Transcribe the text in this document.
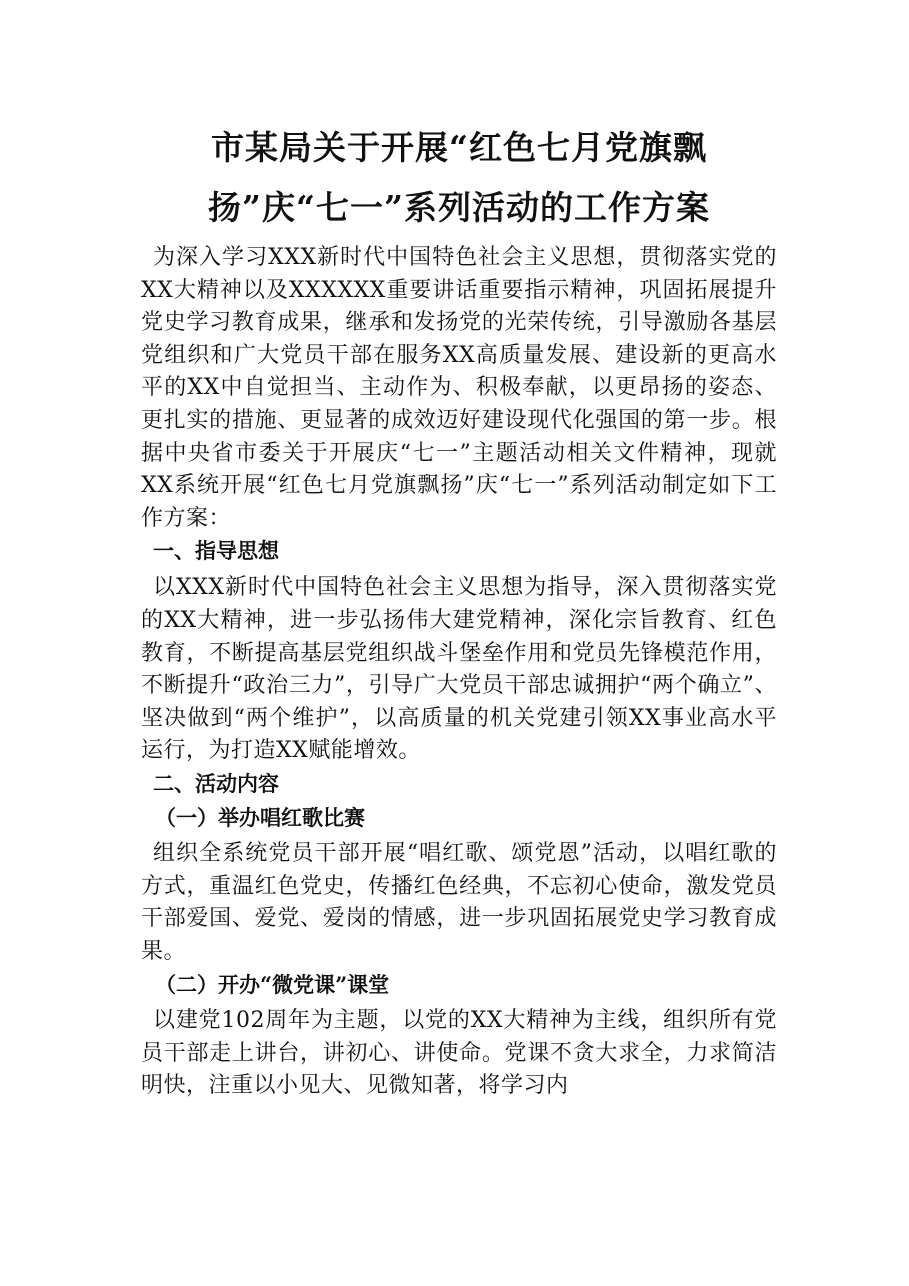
市某局关于开展“红色七月党旗飘
扬”庆“七一”系列活动的工作方案

为深入学习XXX新时代中国特色社会主义思想，贯彻落实党的XX大精神以及XXXXXX重要讲话重要指示精神，巩固拓展提升党史学习教育成果，继承和发扬党的光荣传统，引导激励各基层党组织和广大党员干部在服务XX高质量发展、建设新的更高水平的XX中自觉担当、主动作为、积极奉献，以更昂扬的姿态、更扎实的措施、更显著的成效迈好建设现代化强国的第一步。根据中央省市委关于开展庆“七一”主题活动相关文件精神，现就XX系统开展“红色七月党旗飘扬”庆“七一”系列活动制定如下工作方案：

一、指导思想

以XXX新时代中国特色社会主义思想为指导，深入贯彻落实党的XX大精神，进一步弘扬伟大建党精神，深化宗旨教育、红色教育，不断提高基层党组织战斗堡垒作用和党员先锋模范作用，不断提升“政治三力”，引导广大党员干部忠诚拥护“两个确立”、坚决做到“两个维护”，以高质量的机关党建引领XX事业高水平运行，为打造XX赋能增效。

二、活动内容
（一）举办唱红歌比赛

组织全系统党员干部开展“唱红歌、颂党恩”活动，以唱红歌的方式，重温红色党史，传播红色经典，不忘初心使命，激发党员干部爱国、爱党、爱岗的情感，进一步巩固拓展党史学习教育成果。

（二）开办“微党课”课堂

以建党102周年为主题，以党的XX大精神为主线，组织所有党员干部走上讲台，讲初心、讲使命。党课不贪大求全，力求简洁明快，注重以小见大、见微知著，将学习内
